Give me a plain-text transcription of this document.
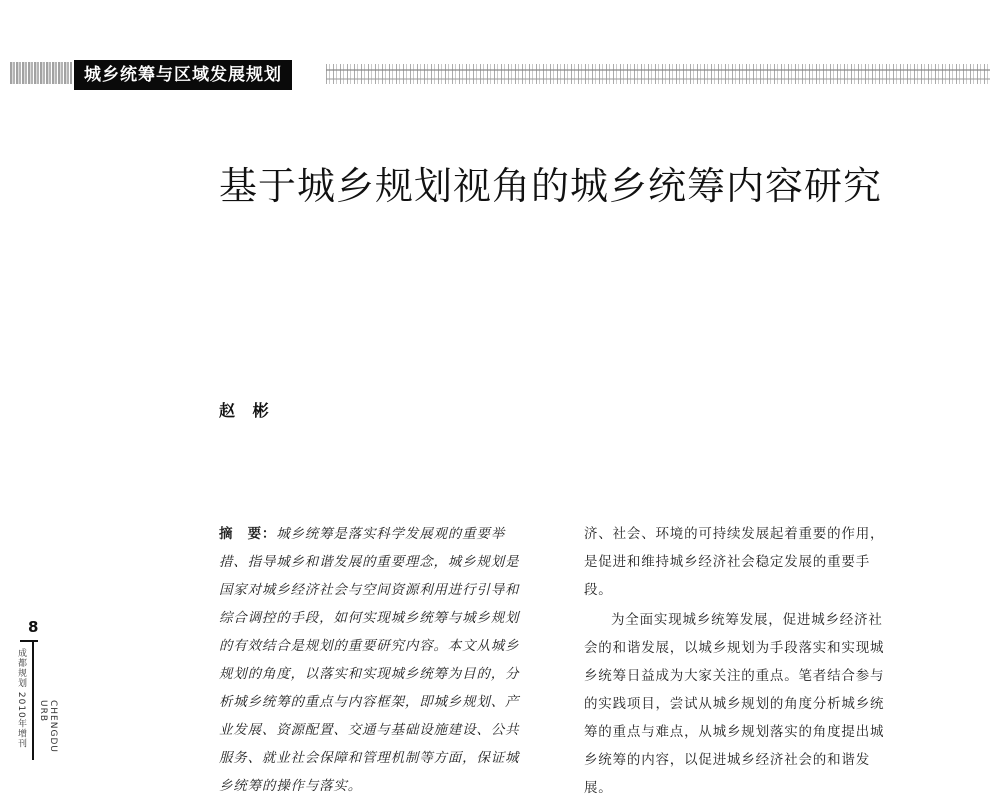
城乡统筹与区域发展规划
基于城乡规划视角的城乡统筹内容研究
赵 彬

摘　要：城乡统筹是落实科学发展观的重要举措、指导城乡和谐发展的重要理念，城乡规划是国家对城乡经济社会与空间资源利用进行引导和综合调控的手段，如何实现城乡统筹与城乡规划的有效结合是规划的重要研究内容。本文从城乡规划的角度，以落实和实现城乡统筹为目的，分析城乡统筹的重点与内容框架，即城乡规划、产业发展、资源配置、交通与基础设施建设、公共服务、就业社会保障和管理机制等方面，保证城乡统筹的操作与落实。

济、社会、环境的可持续发展起着重要的作用，是促进和维持城乡经济社会稳定发展的重要手段。

为全面实现城乡统筹发展，促进城乡经济社会的和谐发展，以城乡规划为手段落实和实现城乡统筹日益成为大家关注的重点。笔者结合参与的实践项目，尝试从城乡规划的角度分析城乡统筹的重点与难点，从城乡规划落实的角度提出城乡统筹的内容，以促进城乡经济社会的和谐发展。

8
成都规划 2010年增刊	CHENGDU URB
